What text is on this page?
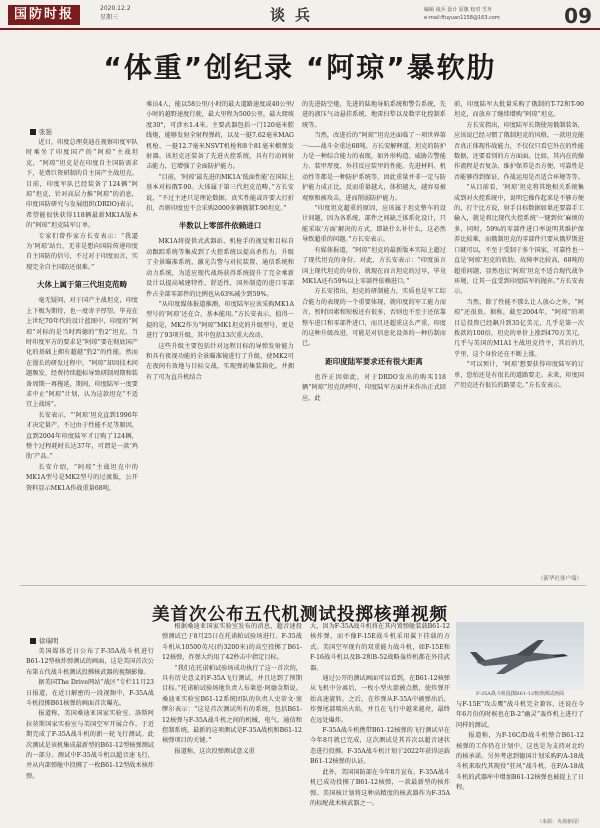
国防时报	2020.12.2
星期三	谈兵	编辑 谈兵 设计 原旗 校对 雪舟
e-mail:ffuyuan1158@163.com	09
“体重”创纪录 “阿琼”暴软肋
张强

近日，印度总理莫迪在视察印度军队时乘坐了印度国产的“阿琼”主战坦克，“阿琼”坦克是在印度自主国防需求下，花费巨资研制的自主国产主战坦克。目前，印度军队已经装备了124辆“阿琼”坦克，针对高层力推“阿琼”的消息，印度国防研究与发展组织(DRDO)表示，希望能很快获得118辆最新MK1A版本的“阿琼”坦克陆军订单。

专家们曾作家方长安表示：“我逼为‘阿琼’站台，无非是想向国际传递印度自主国防的信号，不过对于印度而言，实现完全自主国防还很难。”

大体上属于第三代坦克范畴

毫无疑问，对于国产主战坦克，印度上下极为期待，也一度寄予厚望。毕竟在上世纪70年代的设计蓝图中，印度的“阿琼”对标的是当时西德的“豹2”坦克。当时印度军方的要求是“阿琼”要在彻底国产化的基础上拥有超越“豹2”的性能。然而在漫长的研发过程中，“阿琼”却因技术问题频发、经费持续超标导致研制周期和装备周期一再拖延，期间，印度陆军一度要求中止“阿琼”计划，认为这款坦克“不适宜上战场”。

长安表示，“‘阿琼’坦克直到1996年才决定量产，不过由于性能不足等原因，直到2004年印度陆军才订购了124辆，整个过程耗时长达37年，可谓是一款‘鸡肋’产品。”

长安介绍，“阿琼”主战坦克中的MK1A型号是MK2型号的过渡版，公开资料显示MK1A作战重量68吨，

乘员4人，能以58公里/小时的最大道路速度或40公里/小时的越野速度行驶，最大里程为500公里，最大爬坡度30°，可涉水1.4米。主要武器包括一门120毫米膛线炮，能够发射全射程弹药，以及一挺7.62毫米MAG机枪、一挺12.7毫米NSVT机枪和8个81毫米榴弹发射器。该坦克还装备了先进火控系统，具有行动间射击能力，它增强了全面防护能力。

“目前，‘阿琼’最先进的MK1A‘低面性能’在国际上基本对标俄T-90。大体属于第三代坦克范畴，”方长安说，“不过主述只是理论数据，真实性能或许要大打折扣，否则印度也不会采购2000多辆俄制T-90坦克。”

半数以上零部件依赖进口

MK1A将提供式武器站、机枪手的视觉和目标自动跟踪系统等集成到了火控系统以提高杀伤力，升级了全景瞄准系统、激光告警与对抗装置、通信系统和动力系统，为适应现代战场获得系统提升了完全乘新设计以提高城建特性、舒适性，国外制造的进口零部件占全部零部件的比例也从63%减少到59%。

“从印度媒体报道推测，印度陆军应该采购MK1A型号的‘阿琼’还在合，基本能用。”方长安表示，值得一提的是，MK2作为“阿琼”MK1坦克的升级型号，更是进行了93项升级，其中包括13次重大改动。

这些升级主要包括针对远程目标的导弹发射能力和具有夜视功能的全景瞄准镜进行了升级，使MK2可在夜间有效地与目标交战，实现弹药集装箱化，并拥有了可为直升机结合

的先进防空炮、先进的陆地导航系统和警告系统，先进的液压气动悬挂系统、地雷扫犁以及数字化控制系统等。

当然，改进后的“阿琼”坦克还面临了一项世界第一——战斗全重达68吨。方长安解释道，坦克的防护力是一种综合能力的表现，如外形构造、威胁告警能力、装甲厚度、外挂反应装甲的性能、先进材料、机动性等都是一种防护系统等，因此重量并非一定与防护能力成正比，反而重量越大，体积越大，越容易被观察和被攻击，进而削弱防护能力。

“印度坦克超重的原因，应该属于坦克整车的设计问题，因为各系统、部件之间缺乏体系化设计，只能采取‘方面’解决的方式，即缺什么补什么，这必然导致超重的问题。”方长安表示。

有媒体报道，“阿琼”坦克的最新版本实际上超过了现代坦克的身份。对此，方长安表示：“印度虽言国上现代坦克的身份，就现在而言坦克的过早，毕竟MK1A还有59%以上零部件依赖进口。”

方长安指出，坦克的研制能力，实质也是军工综合能力的表现的一个重要体现，就印度的军工能力而言，暂时因素和短板还有很多，否则也不至于还依靠整车进口和零部件进口，而且还超重这么严重，印度的这种升级改进，可能是对信息化设备的一种仿制而已。

距印度陆军要求还有很大距离

也许正因如此，对于DRDO发出的购买118辆“阿琼”坦克的呼吁，印度陆军方面并未作出正式回应。此

前，印度陆军大批量采购了俄制的T-72和T-90坦克，而放弃了继续增购“阿琼”坦克。

方长安指出，印度陆军长期使用俄制装备，应该说已经习惯了俄制坦克的风格，一款坦克能否真正体现作战能力，不仅仅只看它外在的性能数据，还要看别的方方面面。比如，其内在的操作流程是否复杂、维护保养是否方便、可靠性是否能够得到保证，作战运用是否适合环境等等。

“从目前看，‘阿琼’坦克将其绝相关系统集成到对火控系统中，说明它操作起来是不够方便的，打个比方说，射手目标数据如果还要靠手工输入，就是将比现代火控系统‘一键到位’麻烦的多，同时，59%的零部件进口率说明其维护保养比较难，而俄制坦克的零部件只要从俄罗斯进口就可以，不至于受制于多个国家，可靠性也一直是‘阿琼’坦克的软肋，故障率比较高，68吨的超重问题，显然也让‘阿琼’坦克不适合现代战争环境，让其一直受到印度陆军的抛弃。”方长安表示。

当然，除了性能不那么让人放心之外，“阿琼”还很贵。据称，截至2004年，“阿琼”的项目总投资已经飙升到35亿美元，几乎是第一次拨款的100倍，坦克的单价上涨到470万美元，几乎与美国的M1A1主战坦克持平，其后的几乎里，这个身价还在不断上涨。

“可以预计，‘阿琼’想要获得印度陆军的订单，恐怕还是有很长的道路要走。未来，印度国产坦克还有很长的路要走。”方长安表示。

（新华社客户端）
美首次公布五代机测试投掷核弹视频
徐瑞明

美国媒体近日公布了F-35A战斗机进行B61-12型核炸弹测试的画面，这是美国首次公布第五代战斗机测试投掷核武器的视频影像。

据美国The Drive网站“战区”专栏11月23日报道，在近日解密的一段视频中，F-35A战斗机投掷B61核弹的画面首次曝光。

报道称，美国桑迪亚国家实验室、洛斯阿拉莫斯国家实验室与美国空军开展合作，于近期完成了F-35A战斗机的新一轮飞行测试。此次测试是该机集成最新型的B61-12型核弹测试的一部分。测试中F-35战斗机以超音速飞行，并从内部弹舱中投掷了一枚B61-12型战术核炸弹。

根据桑迪亚国家实验室发布的消息，超音速投弹测试已于8月25日在托诺帕试验场进行。F-35战斗机从10500英尺(约3200米)的高空投掷了B61-12核弹，炸弹大约用了42秒击中指定目标。

“我们在托诺帕试验场成功执行了这一首次的，具有历史意义的F-35A飞行测试，并且达到了预期目标。”托诺帕试验场地负责人布莱恩·阿德金斯说。桑迪亚实验室B61-12系统团队的负责人史蒂文·塞缪尔表示：“这是首次测试所有的系统，包括B61-12核弹与F-35A战斗机之间的机械、电气、通信和控制系统。最新的这项测试是F-35A战机和B61-12核弹项目的关键。”

报道称，这次投弹测试意义重

大，因为F-35A战斗机将在其内置弹舱装载B61-12核炸弹，而不像F-15E战斗机采用翼下挂载的方式。美国空军现有的双重能力战斗机，如F-15E和F-16战斗机以及B-2和B-52战略轰炸机都在外挂武器。

通过公开的测试画面可以看到，在B61-12核弹从飞机中分离后，一枚小型火箭被点燃，使炸弹开始高速旋转。之后，在炸弹从F-35A中被弹出后，炸弹尾部喷出火焰，并且在飞行中越来越亮，最终在远处爆炸。

F-35A战斗机携带B61-12核弹的飞行测试早在今年8月就已完成，这次测试是其首次以超音速状态进行投掷。F-35A战斗机计划于2022年获得运载B61-12核弹的认证。

此外，美国国防部在今年8月宣布，F-35A战斗机已成功投掷了B61-12核弹，一款最新型的核炸弹。美国核计划将这种高精度的核武器作为F-35A的标配战术核武器之一。

F-35A战斗机投掷B61-12核弹测试画面

与F-15E“攻击鹰”战斗机完全兼容，还说在今年6月份的时候也在B-2“幽灵”轰炸机上进行了同样的测试。

报道称，为F-16C/D战斗机整合B61-12核弹的工作仍在计划中，这也是为支持对北约的核承诺。另外考虑到德国计划采购F/A-18战斗机来取代其现役“狂风”战斗机，在F/A-18战斗机的武器库中增加B61-12核弹也被提上了日程。

（来源：央视新闻）
